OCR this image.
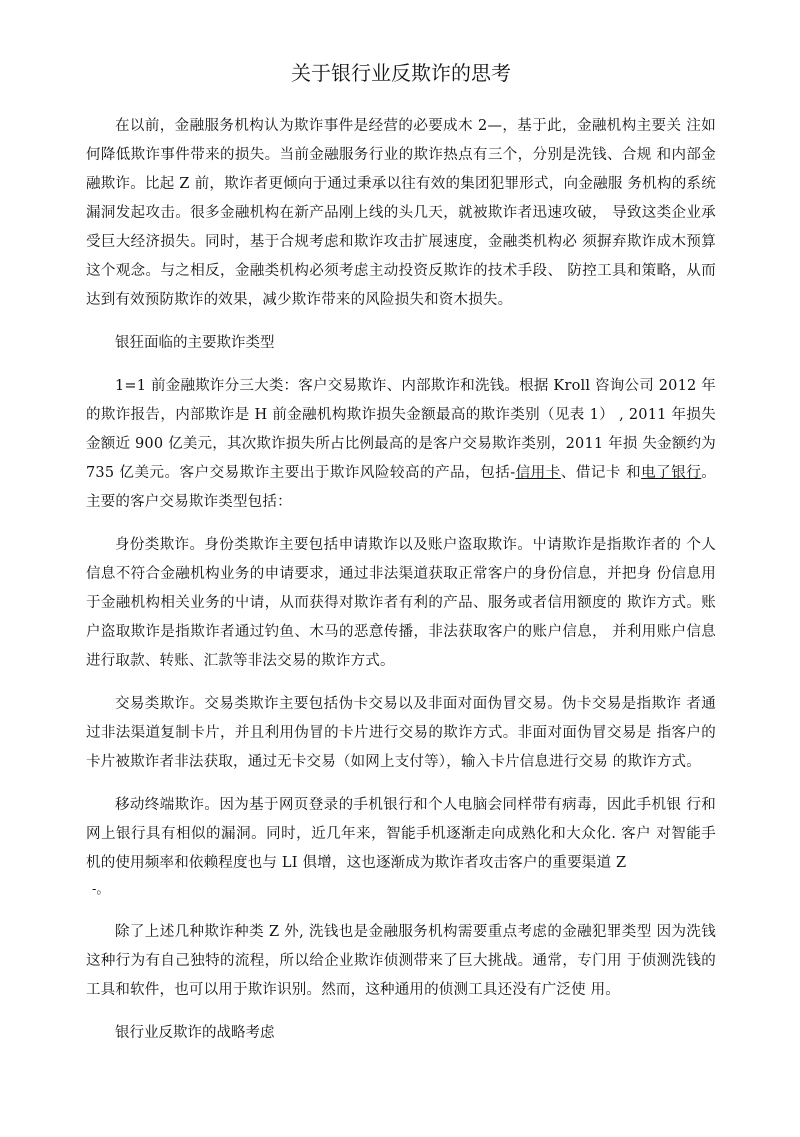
关于银行业反欺诈的思考

在以前，金融服务机构认为欺诈事件是经营的必要成木 2—，基于此，金融机构主要关 注如何降低欺诈事件带来的损失。当前金融服务行业的欺诈热点有三个，分别是洗钱、合规 和内部金融欺诈。比起 Z 前，欺诈者更倾向于通过秉承以往有效的集团犯罪形式，向金融服 务机构的系统漏洞发起攻击。很多金融机构在新产品刚上线的头几天，就被欺诈者迅速攻破， 导致这类企业承受巨大经济损失。同时，基于合规考虑和欺诈攻击扩展速度，金融类机构必 须摒弃欺诈成木预算这个观念。与之相反，金融类机构必须考虑主动投资反欺诈的技术手段、 防控工具和策略，从而达到有效预防欺诈的效果，减少欺诈带来的风险损失和资木损失。

银狂面临的主要欺诈类型

1=1 前金融欺诈分三大类：客户交易欺诈、内部欺诈和洗钱。根据 Kroll 咨询公司 2012 年的欺诈报告，内部欺诈是 H 前金融机构欺诈损失金额最高的欺诈类别（见表 1） , 2011 年损失金额近 900 亿美元，其次欺诈损失所占比例最高的是客户交易欺诈类别，2011 年损 失金额约为 735 亿美元。客户交易欺诈主要出于欺诈风险较高的产品，包括-信用卡、借记卡 和电了银行。主要的客户交易欺诈类型包括：

身份类欺诈。身份类欺诈主要包括申请欺诈以及账户盗取欺诈。屮请欺诈是指欺诈者的 个人信息不符合金融机构业务的申请要求，通过非法渠道获取正常客户的身份信息，并把身 份信息用于金融机构相关业务的屮请，从而获得对欺诈者有利的产品、服务或者信用额度的 欺诈方式。账户盗取欺诈是指欺诈者通过钓鱼、木马的恶意传播，非法获取客户的账户信息， 并利用账户信息进行取款、转账、汇款等非法交易的欺诈方式。

交易类欺诈。交易类欺诈主要包括伪卡交易以及非面对面伪冒交易。伪卡交易是指欺诈 者通过非法渠道复制卡片，并且利用伪冒的卡片进行交易的欺诈方式。非面对面伪冒交易是 指客户的卡片被欺诈者非法获取，通过无卡交易（如网上支付等），输入卡片信息进行交易 的欺诈方式。

移动终端欺诈。因为基于网页登录的手机银行和个人电脑会同样带有病毒，因此手机银 行和网上银行具有相似的漏洞。同时，近几年来，智能手机逐渐走向成熟化和大众化. 客户 对智能手机的使用频率和依赖程度也与 LI 俱增，这也逐渐成为欺诈者攻击客户的重要渠道 Z

-。

除了上述几种欺诈种类 Z 外, 洗钱也是金融服务机构需要重点考虑的金融犯罪类型 因为洗钱这种行为有自己独特的流程，所以给企业欺诈侦测带来了巨大挑战。通常，专门用 于侦测洗钱的工具和软件，也可以用于欺诈识别。然而，这种通用的侦测工具还没有广泛使 用。

银行业反欺诈的战略考虑
